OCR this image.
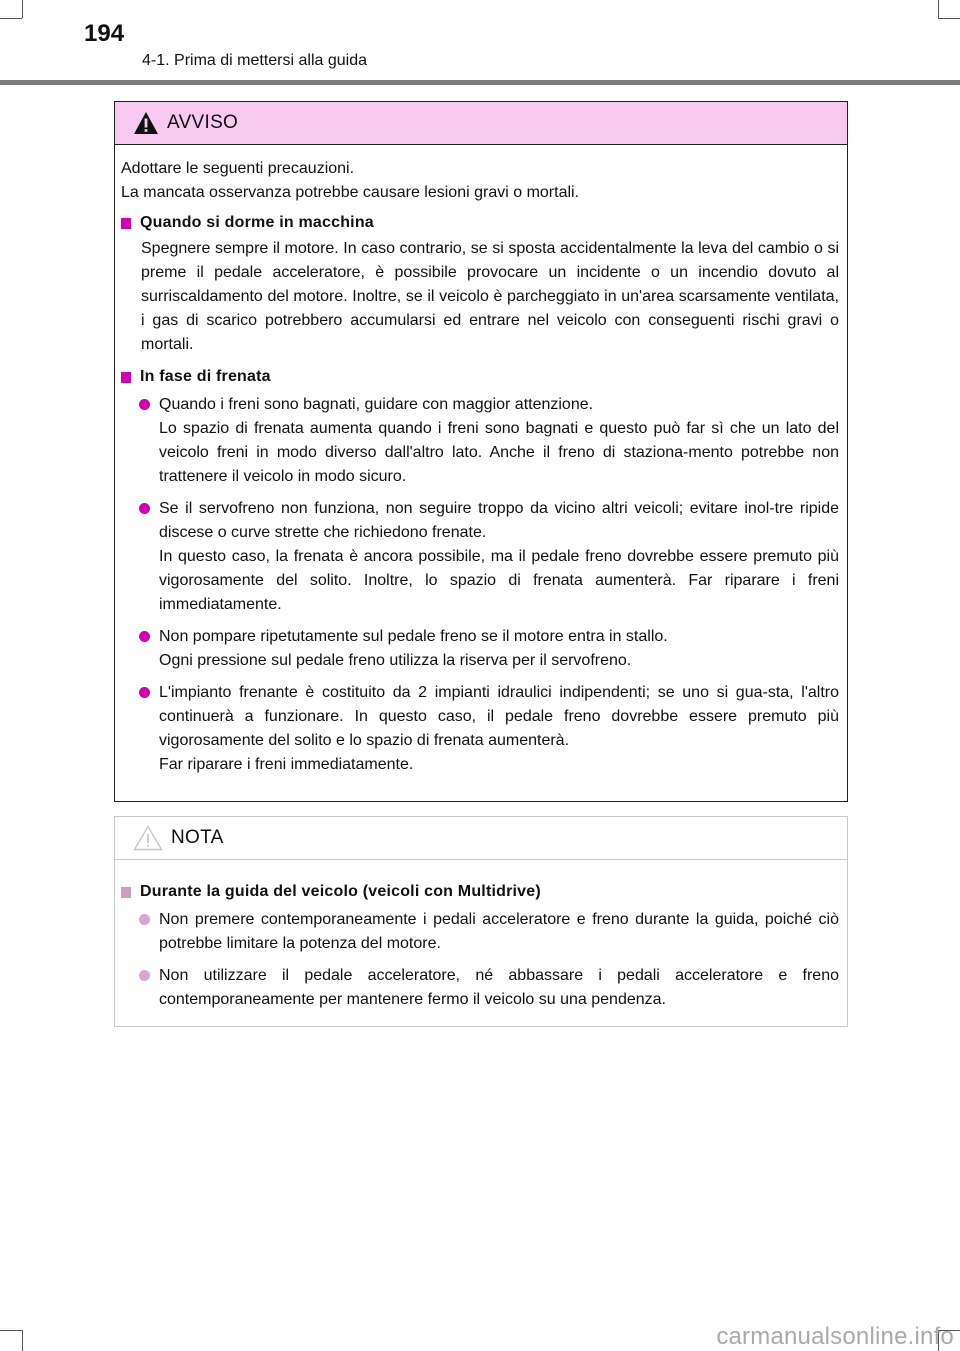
194
4-1. Prima di mettersi alla guida
AVVISO
Adottare le seguenti precauzioni.
La mancata osservanza potrebbe causare lesioni gravi o mortali.
Quando si dorme in macchina

Spegnere sempre il motore. In caso contrario, se si sposta accidentalmente la leva del cambio o si preme il pedale acceleratore, è possibile provocare un incidente o un incendio dovuto al surriscaldamento del motore. Inoltre, se il veicolo è parcheggiato in un'area scarsamente ventilata, i gas di scarico potrebbero accumularsi ed entrare nel veicolo con conseguenti rischi gravi o mortali.

In fase di frenata

Quando i freni sono bagnati, guidare con maggior attenzione.

Lo spazio di frenata aumenta quando i freni sono bagnati e questo può far sì che un lato del veicolo freni in modo diverso dall'altro lato. Anche il freno di staziona-mento potrebbe non trattenere il veicolo in modo sicuro.

Se il servofreno non funziona, non seguire troppo da vicino altri veicoli; evitare inol-tre ripide discese o curve strette che richiedono frenate.

In questo caso, la frenata è ancora possibile, ma il pedale freno dovrebbe essere premuto più vigorosamente del solito. Inoltre, lo spazio di frenata aumenterà. Far riparare i freni immediatamente.

Non pompare ripetutamente sul pedale freno se il motore entra in stallo.

Ogni pressione sul pedale freno utilizza la riserva per il servofreno.

L'impianto frenante è costituito da 2 impianti idraulici indipendenti; se uno si gua-sta, l'altro continuerà a funzionare. In questo caso, il pedale freno dovrebbe essere premuto più vigorosamente del solito e lo spazio di frenata aumenterà.

Far riparare i freni immediatamente.

NOTA
Durante la guida del veicolo (veicoli con Multidrive)

Non premere contemporaneamente i pedali acceleratore e freno durante la guida, poiché ciò potrebbe limitare la potenza del motore.

Non utilizzare il pedale acceleratore, né abbassare i pedali acceleratore e freno contemporaneamente per mantenere fermo il veicolo su una pendenza.

carmanualsonline.info
